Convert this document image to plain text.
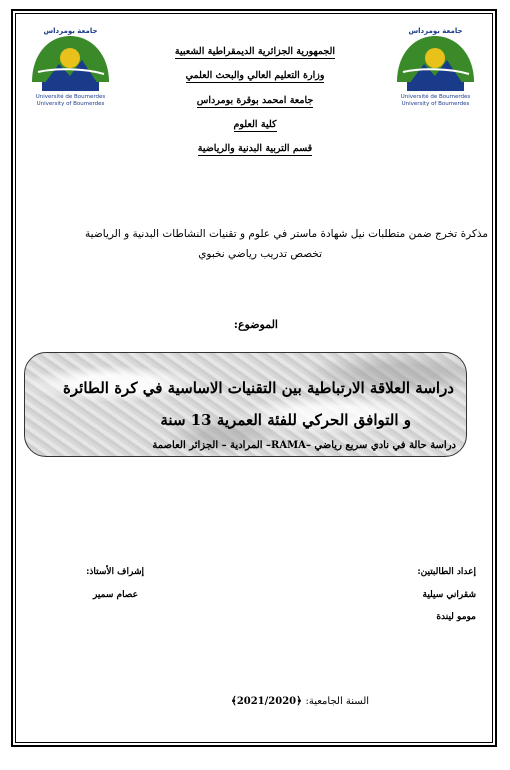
جامعة بومرداس
Université de Boumerdes
University of Boumerdes
جامعة بومرداس
Université de Boumerdes
University of Boumerdes
الجمهورية الجزائرية الديمقراطية الشعبية
وزارة التعليم العالي والبحث العلمي
جامعة امحمد بوقرة بومرداس
كلية العلوم
قسم التربية البدنية والرياضية
مذكرة تخرج ضمن متطلبات نيل شهادة ماستر في علوم و تقنيات النشاطات البدنية و الرياضية
تخصص تدريب رياضي نخبوي
الموضوع:
دراسة العلاقة الارتباطية بين التقنيات الاساسية في كرة الطائرة
و التوافق الحركي للفئة العمرية 13 سنة
دراسة حالة في نادي سريع رياضي –RAMA– المرادية – الجزائر العاصمة
إعداد الطالبتين:
شقراني سيلية
مومو ليندة
إشراف الأستاذ:
عصام سمير
السنة الجامعية: ﴿2021/2020﴾
